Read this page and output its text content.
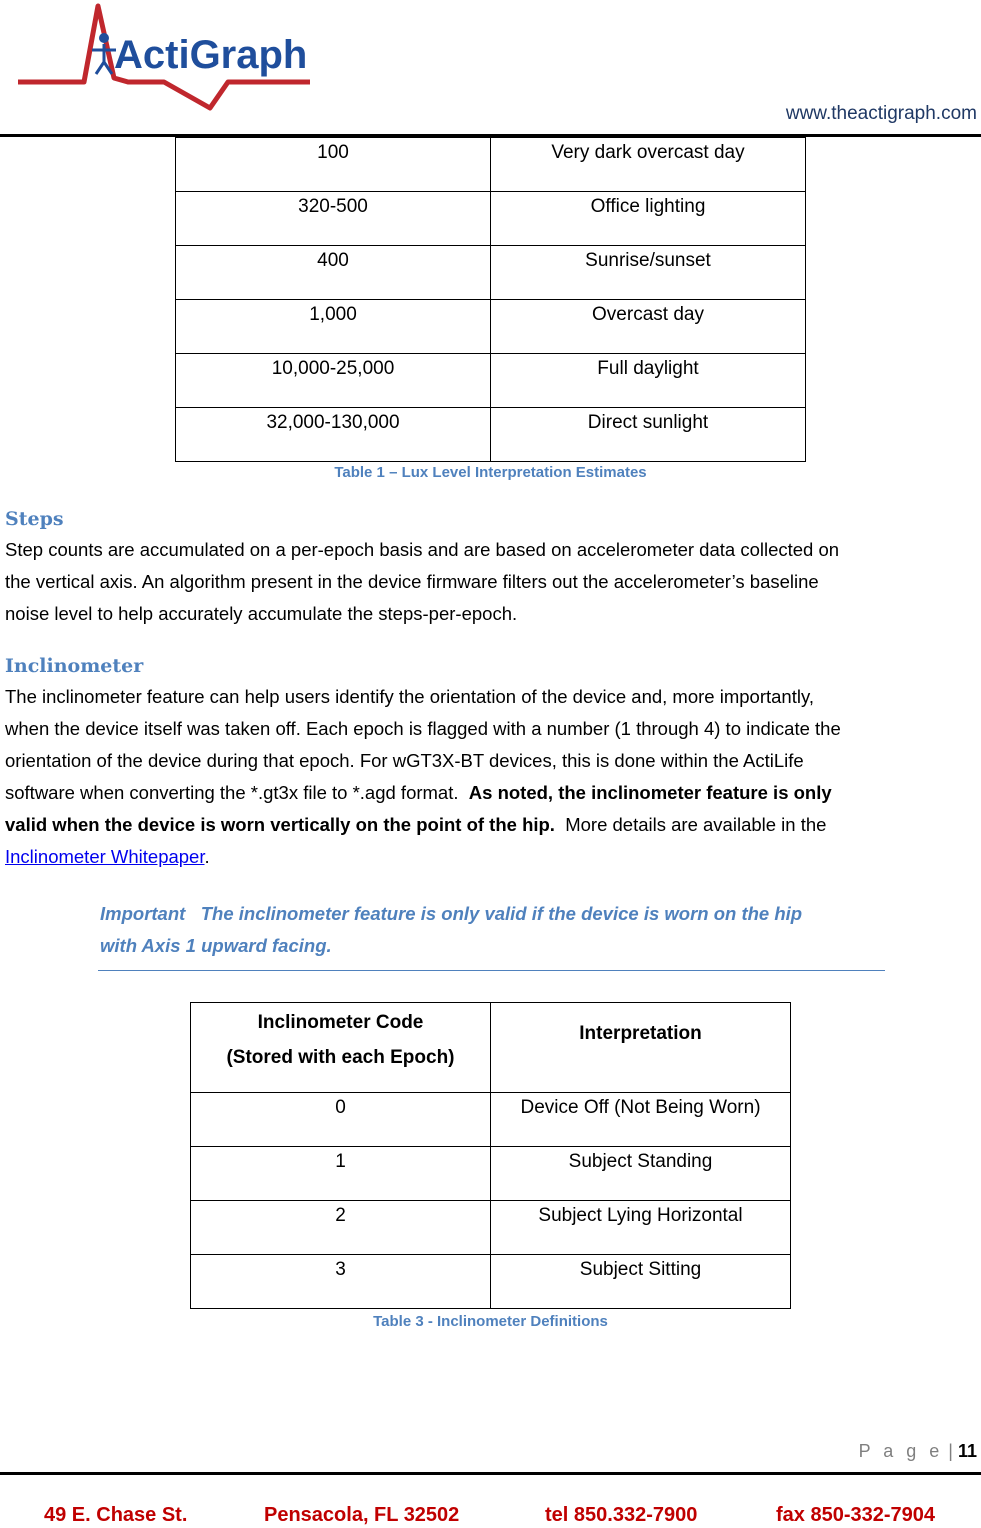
ActiGraph
www.theactigraph.com
100	Very dark overcast day
320-500	Office lighting
400	Sunrise/sunset
1,000	Overcast day
10,000-25,000	Full daylight
32,000-130,000	Direct sunlight
Table 1 – Lux Level Interpretation Estimates
Steps
Step counts are accumulated on a per-epoch basis and are based on accelerometer data collected on
the vertical axis. An algorithm present in the device firmware filters out the accelerometer’s baseline
noise level to help accurately accumulate the steps-per-epoch.
Inclinometer
The inclinometer feature can help users identify the orientation of the device and, more importantly,
when the device itself was taken off. Each epoch is flagged with a number (1 through 4) to indicate the
orientation of the device during that epoch. For wGT3X-BT devices, this is done within the ActiLife
software when converting the *.gt3x file to *.agd format.  As noted, the inclinometer feature is only
valid when the device is worn vertically on the point of the hip.  More details are available in the
Inclinometer Whitepaper.
Important   The inclinometer feature is only valid if the device is worn on the hip
with Axis 1 upward facing.
Inclinometer Code
(Stored with each Epoch)	Interpretation
0	Device Off (Not Being Worn)
1	Subject Standing
2	Subject Lying Horizontal
3	Subject Sitting
Table 3 - Inclinometer Definitions
P a g e | 11
49 E. Chase St.	Pensacola, FL 32502	tel 850.332-7900	fax 850-332-7904
